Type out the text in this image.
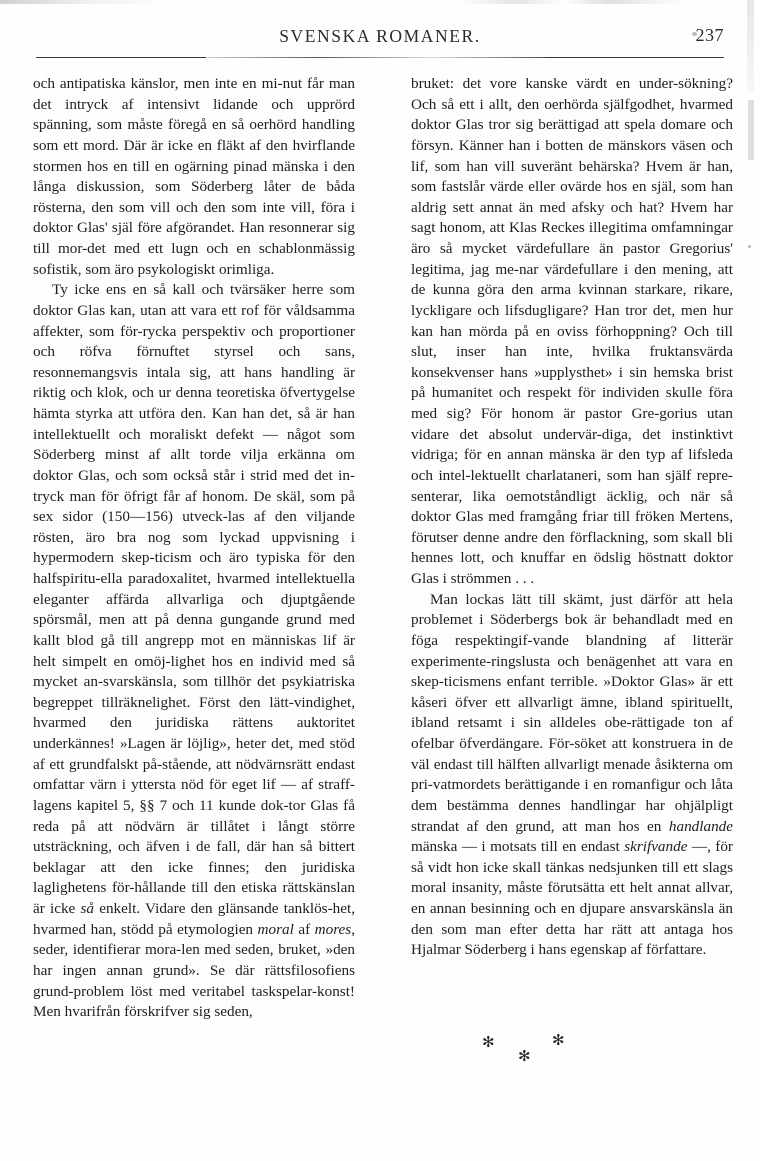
SVENSKA ROMANER.	237

och antipatiska känslor, men inte en mi-nut får man det intryck af intensivt lidande och upprörd spänning, som måste föregå en så oerhörd handling som ett mord. Där är icke en fläkt af den hvirflande stormen hos en till en ogärning pinad mänska i den långa diskussion, som Söderberg låter de båda rösterna, den som vill och den som inte vill, föra i doktor Glas' själ före afgörandet. Han resonnerar sig till mor-det med ett lugn och en schablonmässig sofistik, som äro psykologiskt orimliga.

Ty icke ens en så kall och tvärsäker herre som doktor Glas kan, utan att vara ett rof för våldsamma affekter, som för-rycka perspektiv och proportioner och röfva förnuftet styrsel och sans, resonnemangsvis intala sig, att hans handling är riktig och klok, och ur denna teoretiska öfvertygelse hämta styrka att utföra den. Kan han det, så är han intellektuellt och moraliskt defekt — något som Söderberg minst af allt torde vilja erkänna om doktor Glas, och som också står i strid med det in-tryck man för öfrigt får af honom. De skäl, som på sex sidor (150—156) utveck-las af den viljande rösten, äro bra nog som lyckad uppvisning i hypermodern skep-ticism och äro typiska för den halfspiritu-ella paradoxalitet, hvarmed intellektuella eleganter affärda allvarliga och djuptgående spörsmål, men att på denna gungande grund med kallt blod gå till angrepp mot en människas lif är helt simpelt en omöj-lighet hos en individ med så mycket an-svarskänsla, som tillhör det psykiatriska begreppet tillräknelighet. Först den lätt-vindighet, hvarmed den juridiska rättens auktoritet underkännes! »Lagen är löjlig», heter det, med stöd af ett grundfalskt på-stående, att nödvärnsrätt endast omfattar värn i yttersta nöd för eget lif — af straff-lagens kapitel 5, §§ 7 och 11 kunde dok-tor Glas få reda på att nödvärn är tillåtet i långt större utsträckning, och äfven i de fall, där han så bittert beklagar att den icke finnes; den juridiska laglighetens för-hållande till den etiska rättskänslan är icke så enkelt. Vidare den glänsande tanklös-het, hvarmed han, stödd på etymologien moral af mores, seder, identifierar mora-len med seden, bruket, »den har ingen annan grund». Se där rättsfilosofiens grund-problem löst med veritabel taskspelar-konst! Men hvarifrån förskrifver sig seden,

bruket: det vore kanske värdt en under-sökning? Och så ett i allt, den oerhörda själfgodhet, hvarmed doktor Glas tror sig berättigad att spela domare och försyn. Känner han i botten de mänskors väsen och lif, som han vill suveränt behärska? Hvem är han, som fastslår värde eller ovärde hos en själ, som han aldrig sett annat än med afsky och hat? Hvem har sagt honom, att Klas Reckes illegitima omfamningar äro så mycket värdefullare än pastor Gregorius' legitima, jag me-nar värdefullare i den mening, att de kunna göra den arma kvinnan starkare, rikare, lyckligare och lifsdugligare? Han tror det, men hur kan han mörda på en oviss förhoppning? Och till slut, inser han inte, hvilka fruktansvärda konsekvenser hans »upplysthet» i sin hemska brist på humanitet och respekt för individen skulle föra med sig? För honom är pastor Gre-gorius utan vidare det absolut undervär-diga, det instinktivt vidriga; för en annan mänska är den typ af lifsleda och intel-lektuellt charlataneri, som han själf repre-senterar, lika oemotståndligt äcklig, och när så doktor Glas med framgång friar till fröken Mertens, förutser denne andre den förflackning, som skall bli hennes lott, och knuffar en ödslig höstnatt doktor Glas i strömmen . . .

Man lockas lätt till skämt, just därför att hela problemet i Söderbergs bok är behandladt med en föga respektingif-vande blandning af litterär experimente-ringslusta och benägenhet att vara en skep-ticismens enfant terrible. »Doktor Glas» är ett kåseri öfver ett allvarligt ämne, ibland spirituellt, ibland retsamt i sin alldeles obe-rättigade ton af ofelbar öfverdängare. För-söket att konstruera in de väl endast till hälften allvarligt menade åsikterna om pri-vatmordets berättigande i en romanfigur och låta dem bestämma dennes handlingar har ohjälpligt strandat af den grund, att man hos en handlande mänska — i motsats till en endast skrifvande —, för så vidt hon icke skall tänkas nedsjunken till ett slags moral insanity, måste förutsätta ett helt annat allvar, en annan besinning och en djupare ansvarskänsla än den som man efter detta har rätt att antaga hos Hjalmar Söderberg i hans egenskap af författare.

✻
✻
✻
